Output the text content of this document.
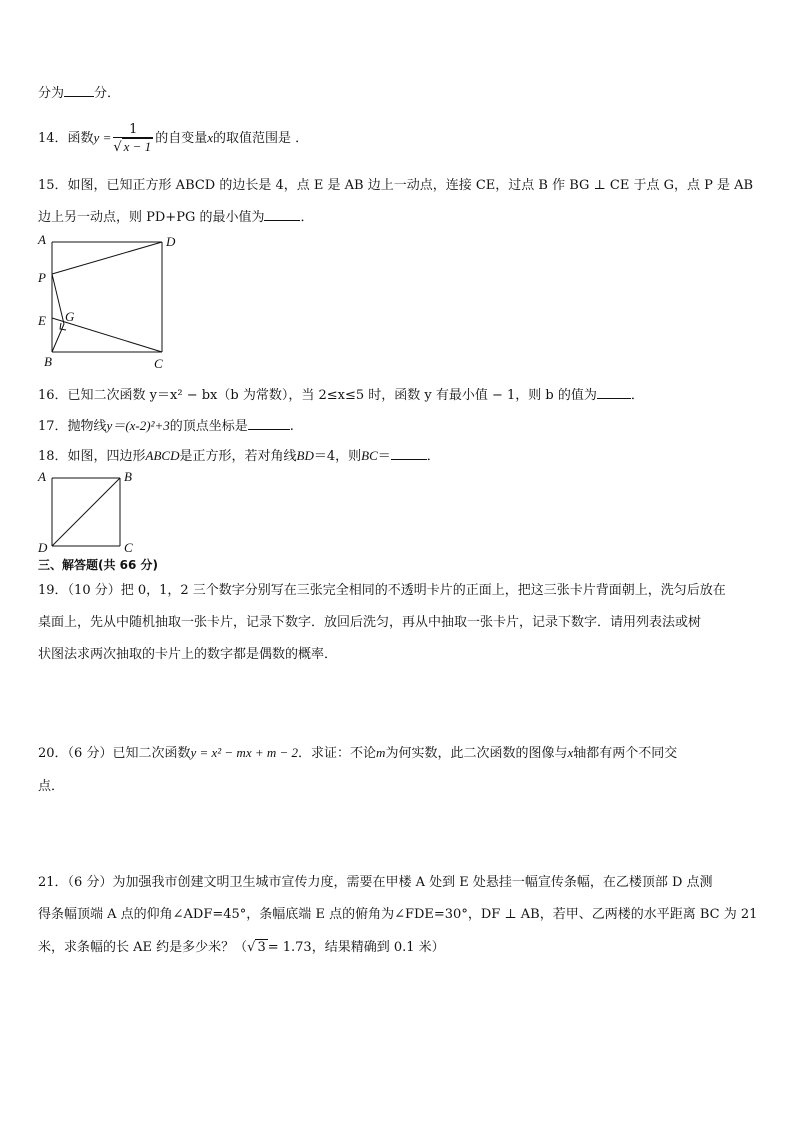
分为 分．
14．函数$y = \frac{1}{√ x - 1}$ 的自变量x的取值范围是 ．
15．如图，已知正方形 ABCD 的边长是 4，点 E 是 AB 边上一动点，连接 CE，过点 B 作 BG ⊥ CE 于点 G，点 P 是 AB
边上另一动点，则 PD+PG 的最小值为	．
A	D
P
E G
B	C
16．已知二次函数 y＝x² − bx（b 为常数），当 2≤x≤5 时，函数 y 有最小值 − 1，则 b 的值为	．
17．抛物线y＝(x-2)²+3的顶点坐标是	.
18．如图，四边形ABCD是正方形，若对角线BD＝4，则BC＝	．
A	B
C
D
三、解答题(共 66 分)
19．（10 分）把 0，1，2 三个数字分别写在三张完全相同的不透明卡片的正面上，把这三张卡片背面朝上，洗匀后放在
桌面上，先从中随机抽取一张卡片，记录下数字．放回后洗匀，再从中抽取一张卡片，记录下数字．请用列表法或树
状图法求两次抽取的卡片上的数字都是偶数的概率．
20．（6 分）已知二次函数y = x² − mx + m − 2．求证：不论m为何实数，此二次函数的图像与x轴都有两个不同交
点．
21．（6 分）为加强我市创建文明卫生城市宣传力度，需要在甲楼 A 处到 E 处悬挂一幅宣传条幅，在乙楼顶部 D 点测
得条幅顶端 A 点的仰角∠ADF=45°，条幅底端 E 点的俯角为∠FDE=30°，DF ⊥ AB，若甲、乙两楼的水平距离 BC 为 21
米，求条幅的长 AE 约是多少米？（√ 3 = 1.73，结果精确到 0.1 米）
